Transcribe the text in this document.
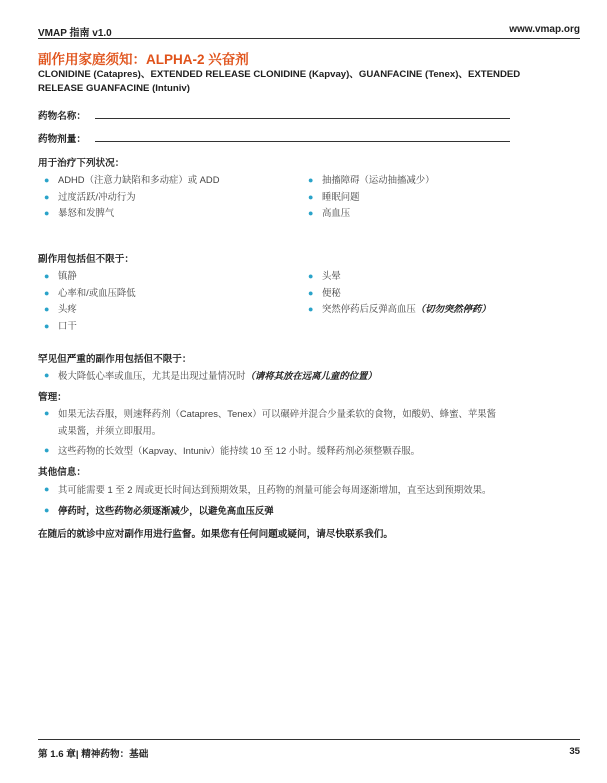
VMAP 指南 v1.0	www.vmap.org
副作用家庭须知：ALPHA-2 兴奋剂
CLONIDINE (Catapres)、EXTENDED RELEASE CLONIDINE (Kapvay)、GUANFACINE (Tenex)、EXTENDED RELEASE GUANFACINE (Intuniv)
药物名称：
药物剂量：
用于治疗下列状况：
● ADHD（注意力缺陷和多动症）或 ADD
● 过度活跃/冲动行为
● 暴怒和发脾气
● 抽搐障碍（运动抽搐减少）
● 睡眠问题
● 高血压
副作用包括但不限于：
● 镇静
● 心率和/或血压降低
● 头疼
● 口干
● 头晕
● 便秘
● 突然停药后反弹高血压（切勿突然停药）
罕见但严重的副作用包括但不限于：
● 极大降低心率或血压，尤其是出现过量情况时（请将其放在远离儿童的位置）
管理：
● 如果无法吞服，则速释药剂（Catapres、Tenex）可以碾碎并混合少量柔软的食物，如酸奶、蜂蜜、苹果酱
或果酱，并须立即服用。
● 这些药物的长效型（Kapvay、Intuniv）能持续 10 至 12 小时。缓释药剂必须整颗吞服。
其他信息：
● 其可能需要 1 至 2 周或更长时间达到预期效果，且药物的剂量可能会每周逐渐增加，直至达到预期效果。
● 停药时，这些药物必须逐渐减少，以避免高血压反弹
在随后的就诊中应对副作用进行监督。如果您有任何问题或疑问，请尽快联系我们。
第 1.6 章| 精神药物：基础	35
